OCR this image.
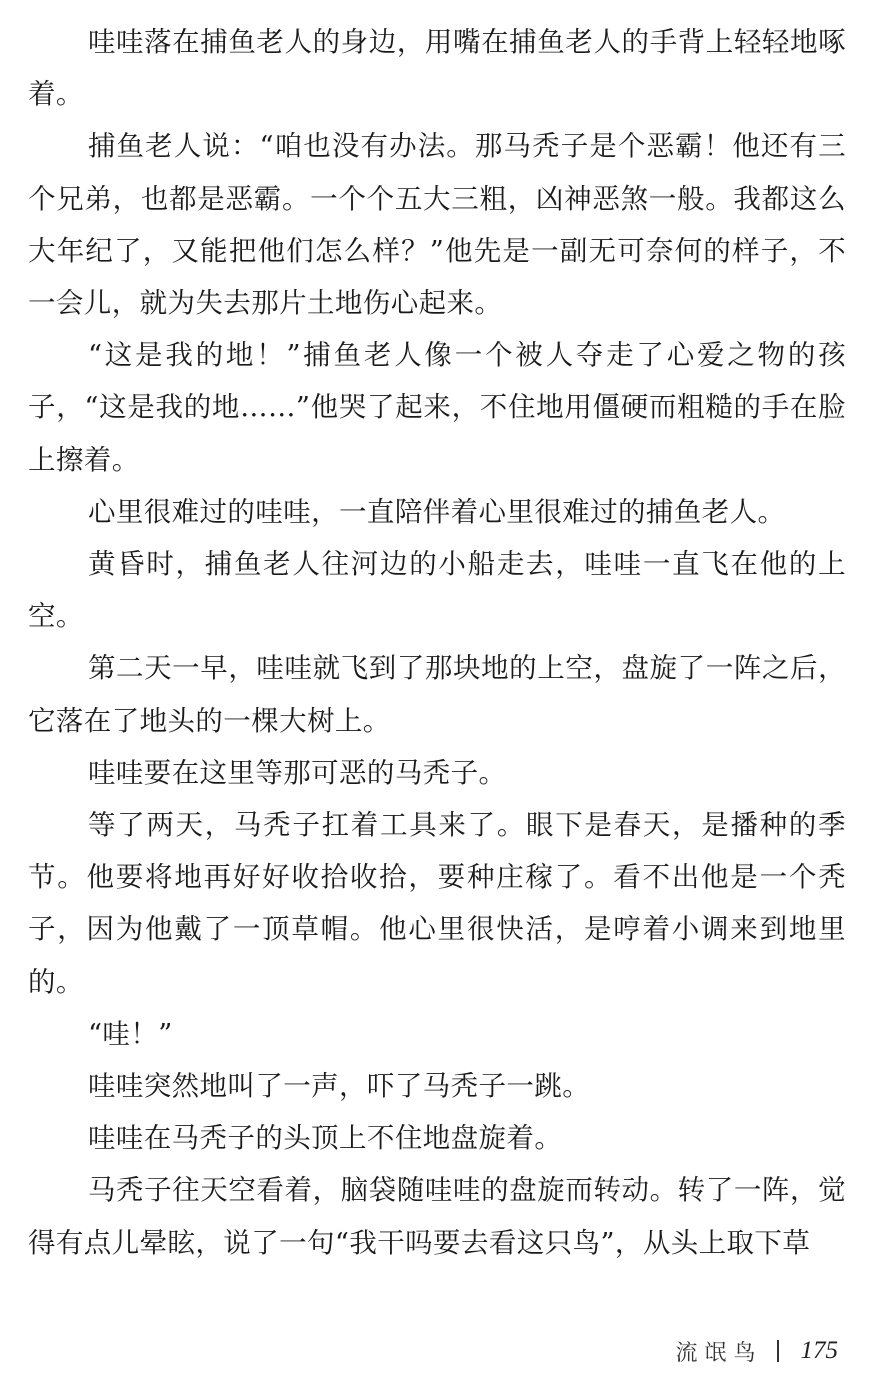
哇哇落在捕鱼老人的身边，用嘴在捕鱼老人的手背上轻轻地啄着。

捕鱼老人说：“咱也没有办法。那马秃子是个恶霸！他还有三个兄弟，也都是恶霸。一个个五大三粗，凶神恶煞一般。我都这么大年纪了，又能把他们怎么样？”他先是一副无可奈何的样子，不一会儿，就为失去那片土地伤心起来。

“这是我的地！”捕鱼老人像一个被人夺走了心爱之物的孩子，“这是我的地……”他哭了起来，不住地用僵硬而粗糙的手在脸上擦着。

心里很难过的哇哇，一直陪伴着心里很难过的捕鱼老人。

黄昏时，捕鱼老人往河边的小船走去，哇哇一直飞在他的上空。

第二天一早，哇哇就飞到了那块地的上空，盘旋了一阵之后，它落在了地头的一棵大树上。

哇哇要在这里等那可恶的马秃子。

等了两天，马秃子扛着工具来了。眼下是春天，是播种的季节。他要将地再好好收拾收拾，要种庄稼了。看不出他是一个秃子，因为他戴了一顶草帽。他心里很快活，是哼着小调来到地里的。

“哇！”

哇哇突然地叫了一声，吓了马秃子一跳。

哇哇在马秃子的头顶上不住地盘旋着。

马秃子往天空看着，脑袋随哇哇的盘旋而转动。转了一阵，觉得有点儿晕眩，说了一句“我干吗要去看这只鸟”，从头上取下草

流氓鸟 175
